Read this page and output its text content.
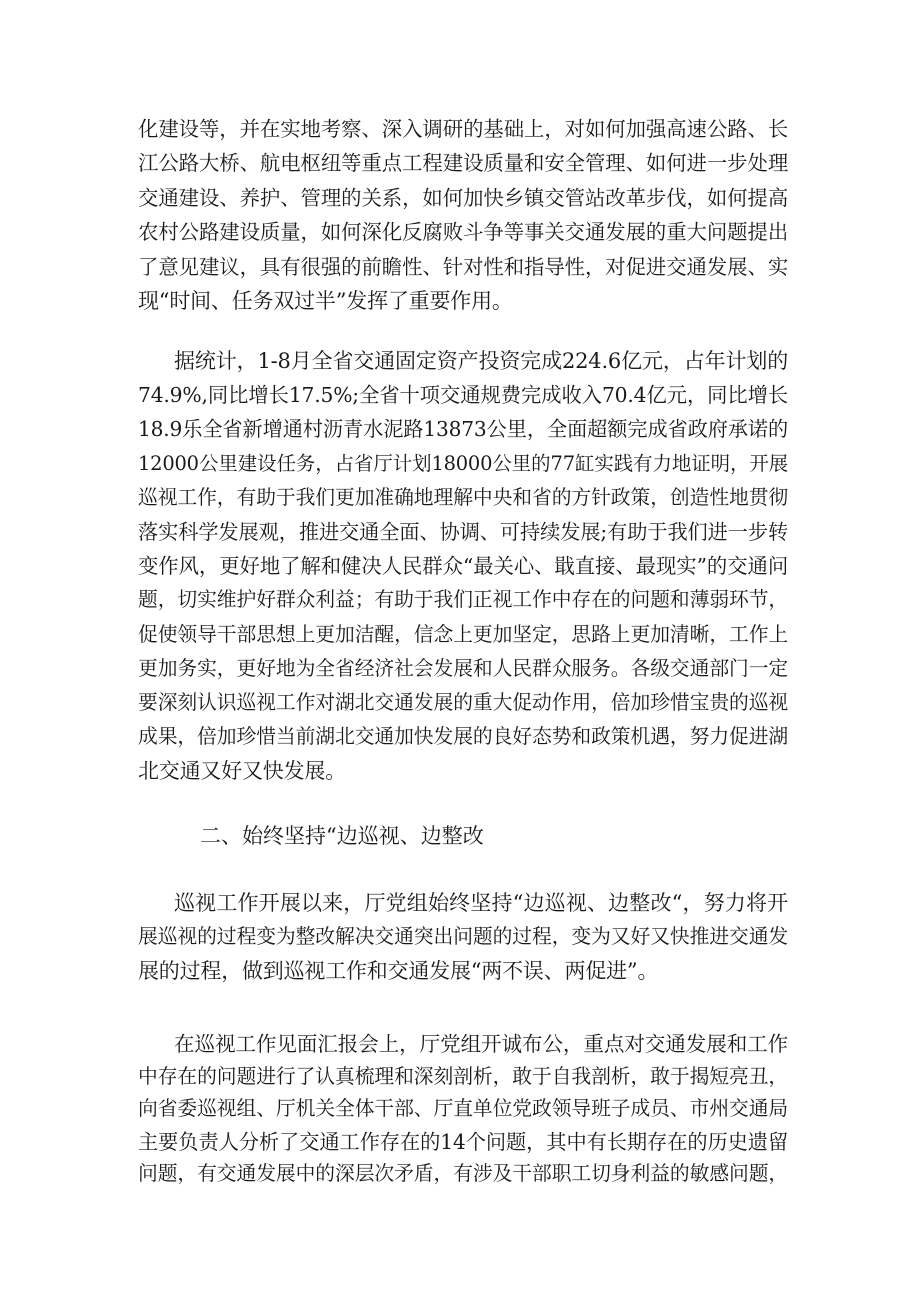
化建设等，并在实地考察、深入调研的基础上，对如何加强高速公路、长
江公路大桥、航电枢纽等重点工程建设质量和安全管理、如何进一步处理
交通建设、养护、管理的关系，如何加快乡镇交管站改革步伐，如何提高
农村公路建设质量，如何深化反腐败斗争等事关交通发展的重大问题提出
了意见建议，具有很强的前瞻性、针对性和指导性，对促进交通发展、实
现“时间、任务双过半”发挥了重要作用。
据统计，1-8月全省交通固定资产投资完成224.6亿元，占年计划的
74.9%,同比增长17.5%;全省十项交通规费完成收入70.4亿元，同比增长
18.9乐全省新增通村沥青水泥路13873公里，全面超额完成省政府承诺的
12000公里建设任务，占省厅计划18000公里的77缸实践有力地证明，开展
巡视工作，有助于我们更加准确地理解中央和省的方针政策，创造性地贯彻
落实科学发展观，推进交通全面、协调、可持续发展;有助于我们进一步转
变作风，更好地了解和健决人民群众“最关心、戢直接、最现实”的交通问
题，切实维护好群众利益；有助于我们正视工作中存在的问题和薄弱环节，
促使领导干部思想上更加洁醒，信念上更加坚定，思路上更加清晰，工作上
更加务实，更好地为全省经济社会发展和人民群众服务。各级交通部门一定
要深刻认识巡视工作对湖北交通发展的重大促动作用，倍加珍惜宝贵的巡视
成果，倍加珍惜当前湖北交通加快发展的良好态势和政策机遇，努力促进湖
北交通又好又快发展。

二、始终坚持“边巡视、边整改

巡视工作开展以来，厅党组始终坚持“边巡视、边整改“，努力将开
展巡视的过程变为整改解决交通突出问题的过程，变为又好又快推进交通发
展的过程，做到巡视工作和交通发展“两不误、两促进”。
在巡视工作见面汇报会上，厅党组开诚布公，重点对交通发展和工作
中存在的问题进行了认真梳理和深刻剖析，敢于自我剖析，敢于揭短亮丑，
向省委巡视组、厅机关全体干部、厅直单位党政领导班子成员、市州交通局
主要负责人分析了交通工作存在的14个问题，其中有长期存在的历史遗留
问题，有交通发展中的深层次矛盾，有涉及干部职工切身利益的敏感问题，
